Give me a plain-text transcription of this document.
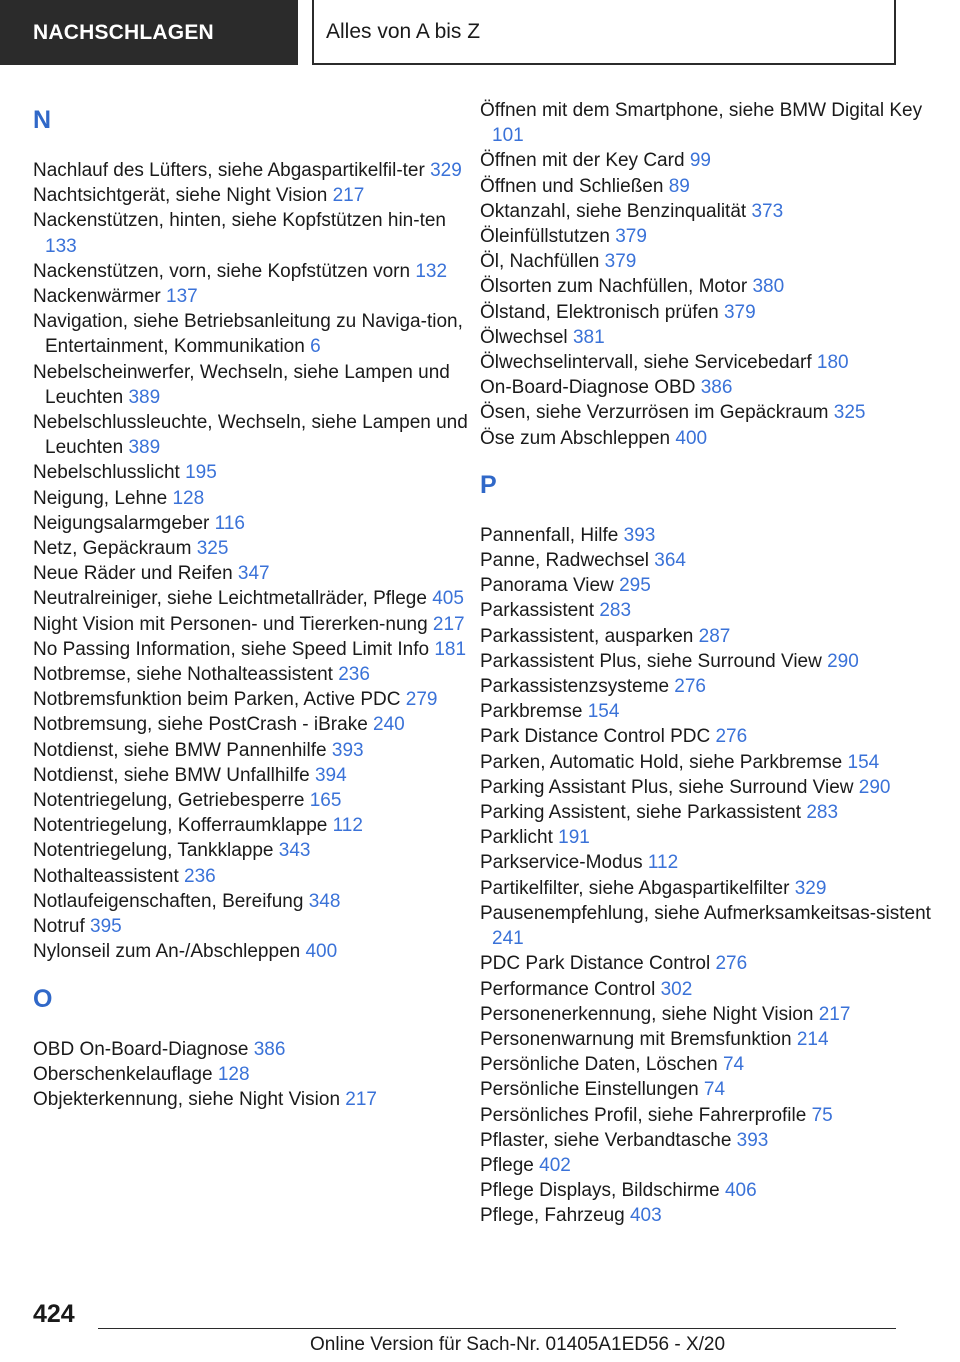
NACHSCHLAGEN	Alles von A bis Z
N
Nachlauf des Lüfters, siehe Abgaspartikelfil-ter 329
Nachtsichtgerät, siehe Night Vision 217
Nackenstützen, hinten, siehe Kopfstützen hin-ten 133
Nackenstützen, vorn, siehe Kopfstützen vorn 132
Nackenwärmer 137
Navigation, siehe Betriebsanleitung zu Naviga-tion, Entertainment, Kommunikation 6
Nebelscheinwerfer, Wechseln, siehe Lampen und Leuchten 389
Nebelschlussleuchte, Wechseln, siehe Lampen und Leuchten 389
Nebelschlusslicht 195
Neigung, Lehne 128
Neigungsalarmgeber 116
Netz, Gepäckraum 325
Neue Räder und Reifen 347
Neutralreiniger, siehe Leichtmetallräder, Pflege 405
Night Vision mit Personen- und Tiererken-nung 217
No Passing Information, siehe Speed Limit Info 181
Notbremse, siehe Nothalteassistent 236
Notbremsfunktion beim Parken, Active PDC 279
Notbremsung, siehe PostCrash - iBrake 240
Notdienst, siehe BMW Pannenhilfe 393
Notdienst, siehe BMW Unfallhilfe 394
Notentriegelung, Getriebesperre 165
Notentriegelung, Kofferraumklappe 112
Notentriegelung, Tankklappe 343
Nothalteassistent 236
Notlaufeigenschaften, Bereifung 348
Notruf 395
Nylonseil zum An-/Abschleppen 400
O
OBD On-Board-Diagnose 386
Oberschenkelauflage 128
Objekterkennung, siehe Night Vision 217
Öffnen mit dem Smartphone, siehe BMW Digital Key 101
Öffnen mit der Key Card 99
Öffnen und Schließen 89
Oktanzahl, siehe Benzinqualität 373
Öleinfüllstutzen 379
Öl, Nachfüllen 379
Ölsorten zum Nachfüllen, Motor 380
Ölstand, Elektronisch prüfen 379
Ölwechsel 381
Ölwechselintervall, siehe Servicebedarf 180
On-Board-Diagnose OBD 386
Ösen, siehe Verzurrösen im Gepäckraum 325
Öse zum Abschleppen 400
P
Pannenfall, Hilfe 393
Panne, Radwechsel 364
Panorama View 295
Parkassistent 283
Parkassistent, ausparken 287
Parkassistent Plus, siehe Surround View 290
Parkassistenzsysteme 276
Parkbremse 154
Park Distance Control PDC 276
Parken, Automatic Hold, siehe Parkbremse 154
Parking Assistant Plus, siehe Surround View 290
Parking Assistent, siehe Parkassistent 283
Parklicht 191
Parkservice-Modus 112
Partikelfilter, siehe Abgaspartikelfilter 329
Pausenempfehlung, siehe Aufmerksamkeitsas-sistent 241
PDC Park Distance Control 276
Performance Control 302
Personenerkennung, siehe Night Vision 217
Personenwarnung mit Bremsfunktion 214
Persönliche Daten, Löschen 74
Persönliche Einstellungen 74
Persönliches Profil, siehe Fahrerprofile 75
Pflaster, siehe Verbandtasche 393
Pflege 402
Pflege Displays, Bildschirme 406
Pflege, Fahrzeug 403
424
Online Version für Sach-Nr. 01405A1ED56 - X/20
